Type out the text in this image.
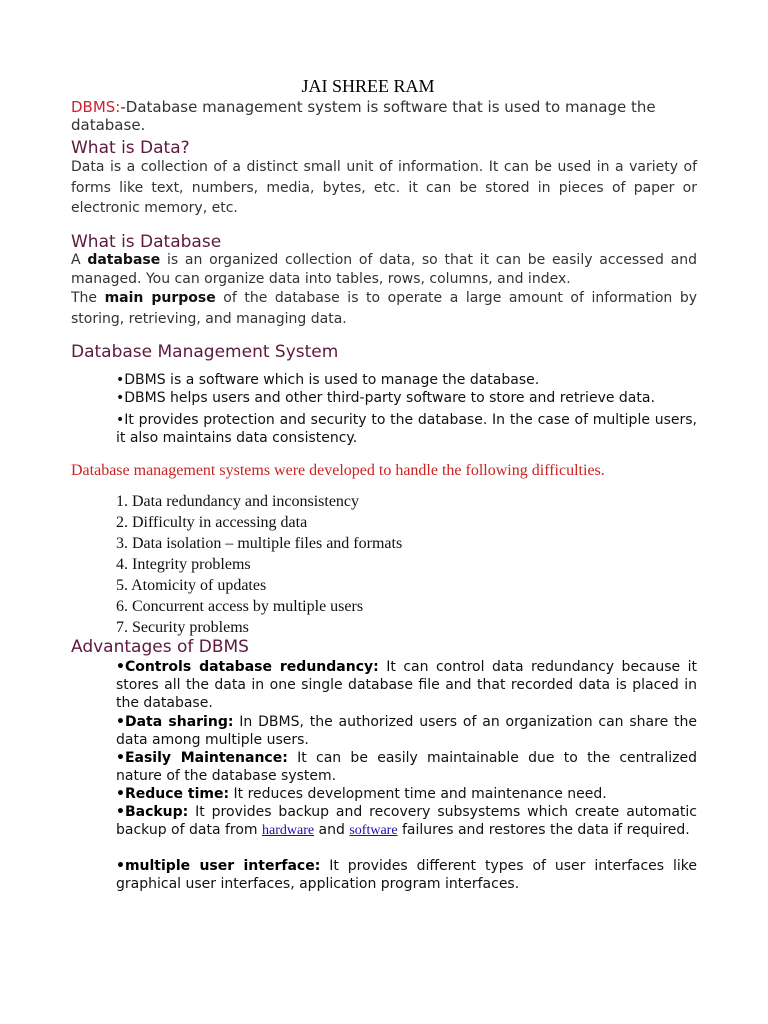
JAI SHREE RAM
DBMS:-Database management system is software that is used to manage the database.
What is Data?
Data is a collection of a distinct small unit of information. It can be used in a variety of forms like text, numbers, media, bytes, etc. it can be stored in pieces of paper or electronic memory, etc.
What is Database
A database is an organized collection of data, so that it can be easily accessed and managed. You can organize data into tables, rows, columns, and index.
The main purpose of the database is to operate a large amount of information by storing, retrieving, and managing data.
Database Management System
•DBMS is a software which is used to manage the database.
•DBMS helps users and other third-party software to store and retrieve data.
•It provides protection and security to the database. In the case of multiple users, it also maintains data consistency.
Database management systems were developed to handle the following difficulties.
1. Data redundancy and inconsistency
2. Difficulty in accessing data
3. Data isolation – multiple files and formats
4. Integrity problems
5. Atomicity of updates
6. Concurrent access by multiple users
7. Security problems
Advantages of DBMS
•Controls database redundancy: It can control data redundancy because it stores all the data in one single database file and that recorded data is placed in the database.
•Data sharing: In DBMS, the authorized users of an organization can share the data among multiple users.
•Easily Maintenance: It can be easily maintainable due to the centralized nature of the database system.
•Reduce time: It reduces development time and maintenance need.
•Backup: It provides backup and recovery subsystems which create automatic backup of data from hardware and software failures and restores the data if required.
•multiple user interface: It provides different types of user interfaces like graphical user interfaces, application program interfaces.
